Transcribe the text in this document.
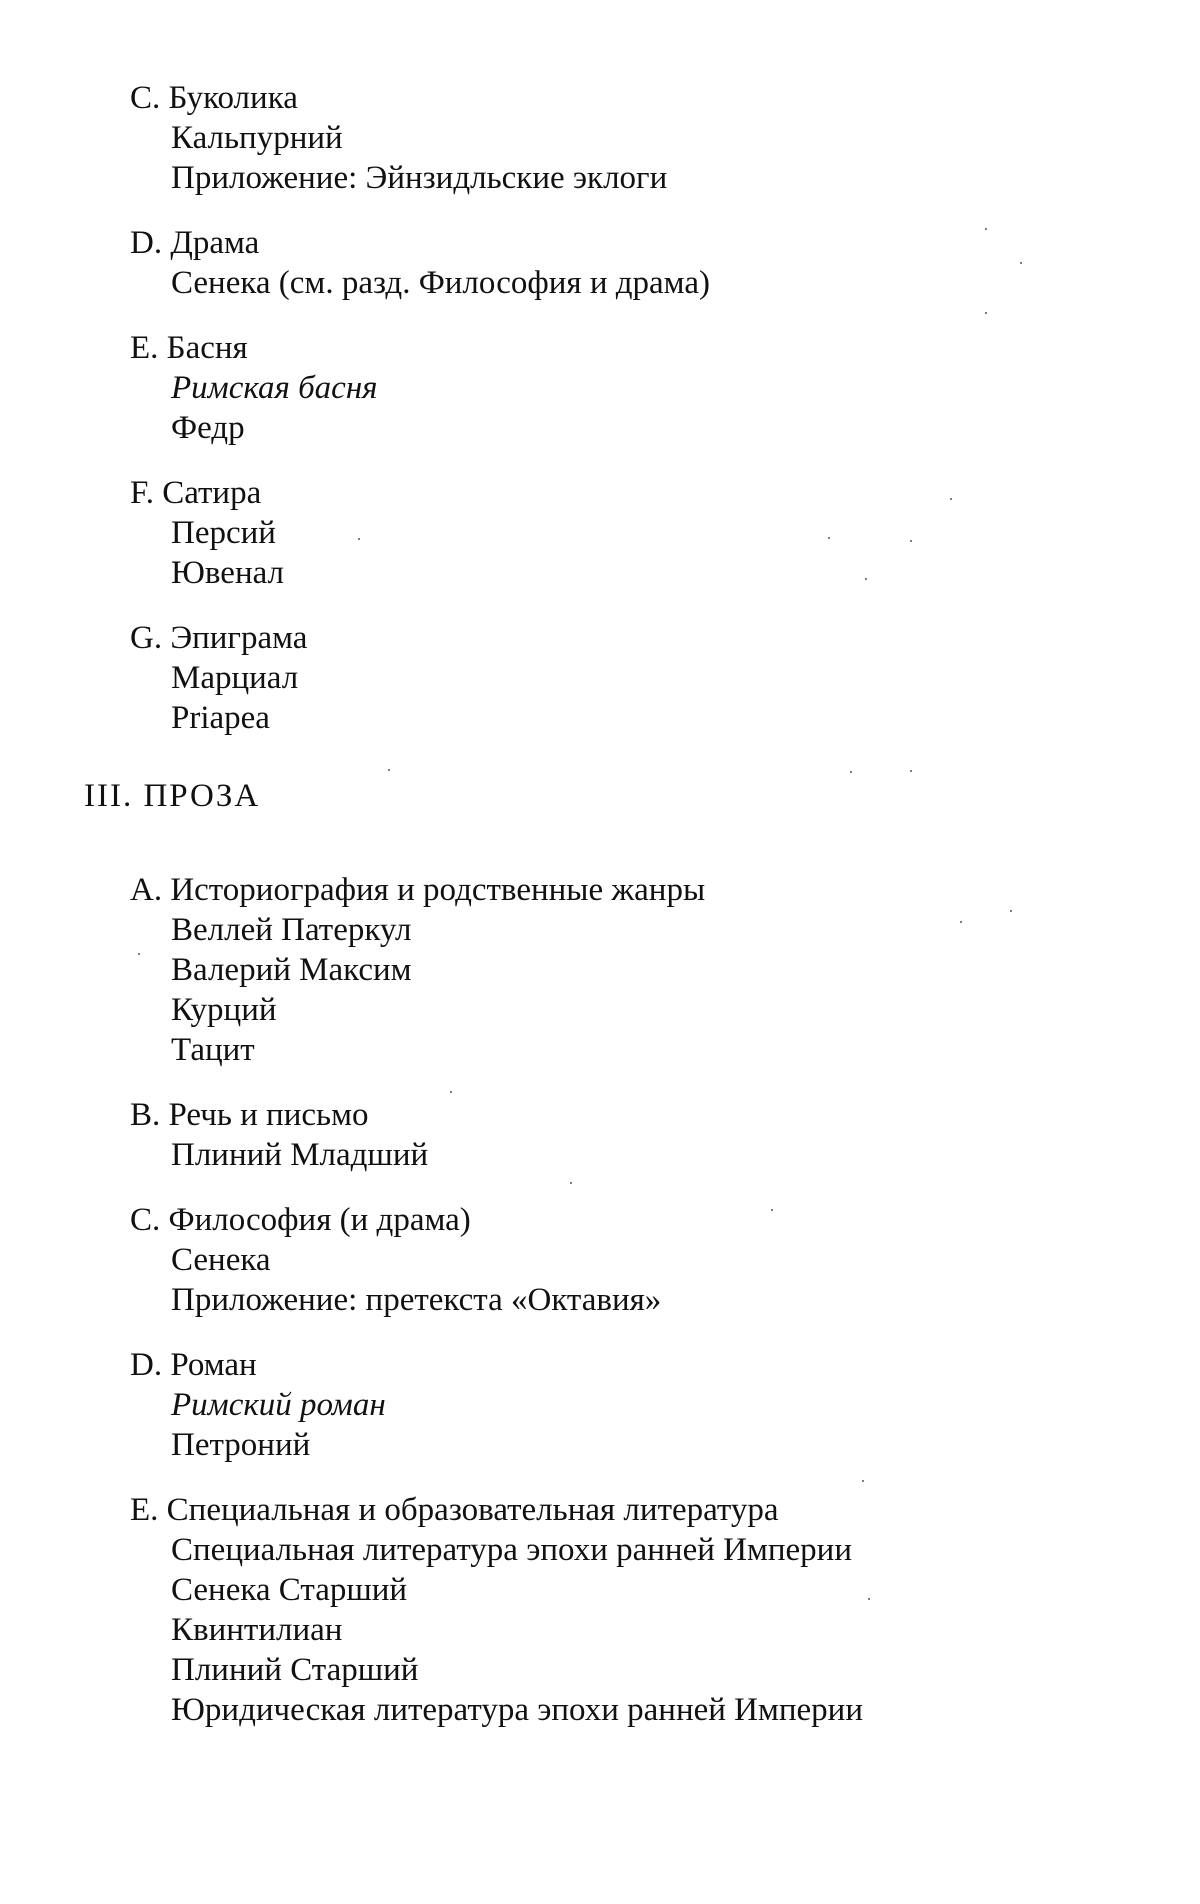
C. Буколика
Кальпурний
Приложение: Эйнзидльские эклоги
D. Драма
Сенека (см. разд. Философия и драма)
E. Басня
Римская басня
Федр
F. Сатира
Персий
Ювенал
G. Эпиграма
Марциал
Priapea
III. ПРОЗА
A. Историография и родственные жанры
Веллей Патеркул
Валерий Максим
Курций
Тацит
B. Речь и письмо
Плиний Младший
C. Философия (и драма)
Сенека
Приложение: претекста «Октавия»
D. Роман
Римский роман
Петроний
E. Специальная и образовательная литература
Специальная литература эпохи ранней Империи
Сенека Старший
Квинтилиан
Плиний Старший
Юридическая литература эпохи ранней Империи
